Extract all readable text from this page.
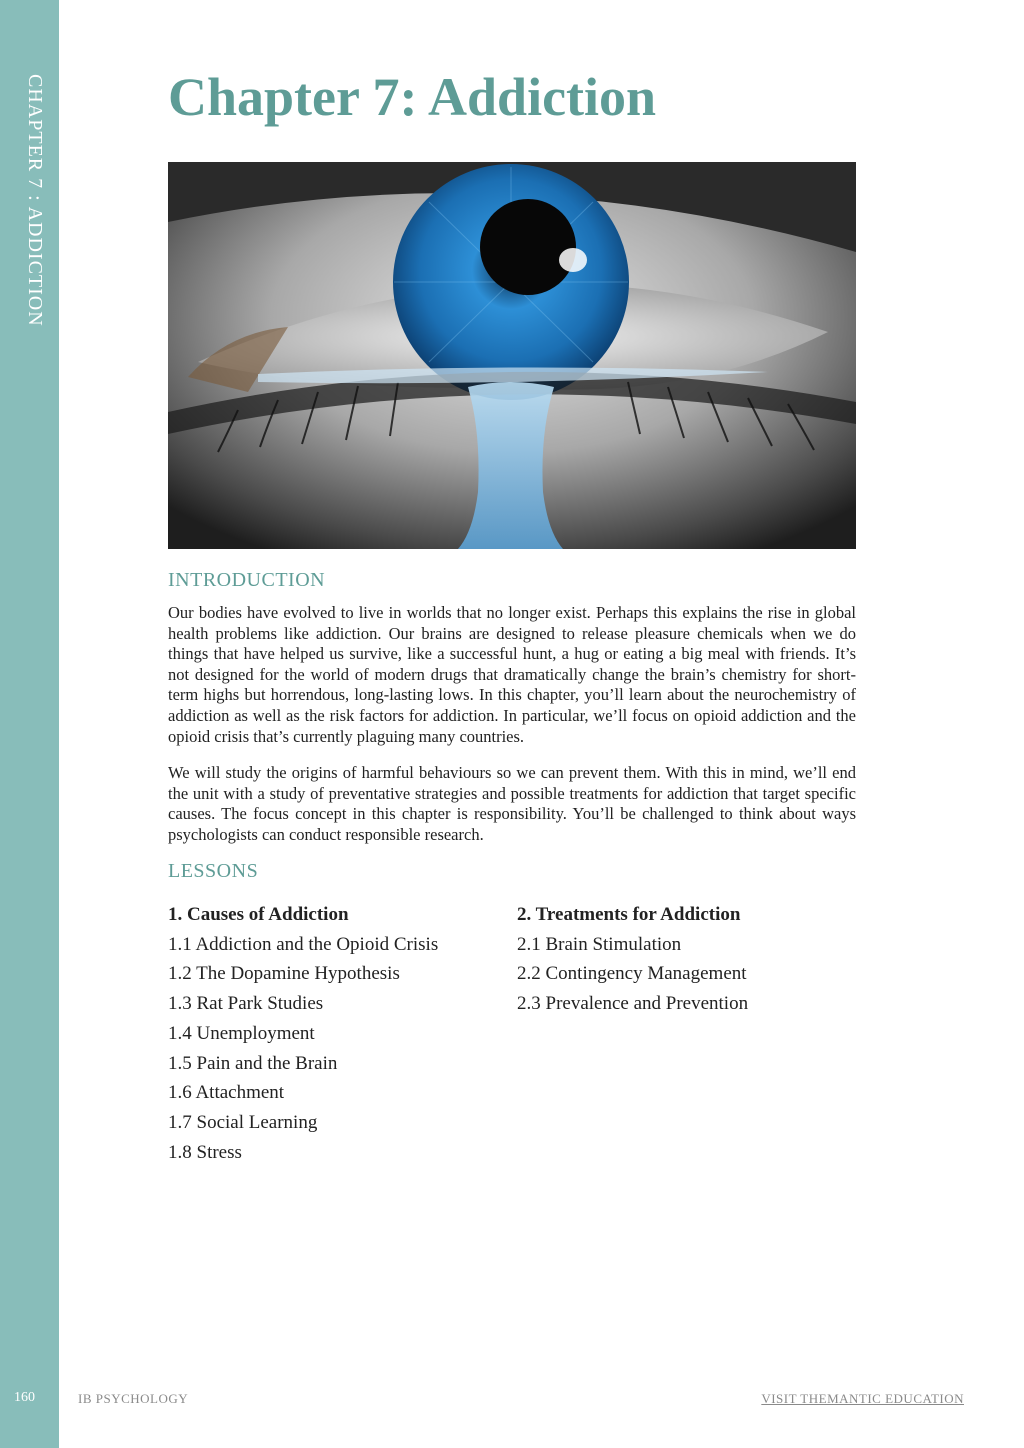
CHAPTER 7 : ADDICTION
160
Chapter 7: Addiction
INTRODUCTION

Our bodies have evolved to live in worlds that no longer exist. Perhaps this explains the rise in global health problems like addiction. Our brains are designed to release pleasure chemicals when we do things that have helped us survive, like a successful hunt, a hug or eating a big meal with friends. It’s not designed for the world of modern drugs that dramatically change the brain’s chemistry for short-term highs but horrendous, long-lasting lows. In this chapter, you’ll learn about the neurochemistry of addiction as well as the risk factors for addiction. In particular, we’ll focus on opioid addiction and the opioid crisis that’s currently plaguing many countries.

We will study the origins of harmful behaviours so we can prevent them. With this in mind, we’ll end the unit with a study of preventative strategies and possible treatments for addiction that target specific causes. The focus concept in this chapter is responsibility. You’ll be challenged to think about ways psychologists can conduct responsible research.

LESSONS
1. Causes of Addiction
1.1 Addiction and the Opioid Crisis
1.2 The Dopamine Hypothesis
1.3 Rat Park Studies
1.4 Unemployment
1.5 Pain and the Brain
1.6 Attachment
1.7 Social Learning
1.8 Stress
2. Treatments for Addiction
2.1 Brain Stimulation
2.2 Contingency Management
2.3 Prevalence and Prevention
IB PSYCHOLOGY	VISIT THEMANTIC EDUCATION
